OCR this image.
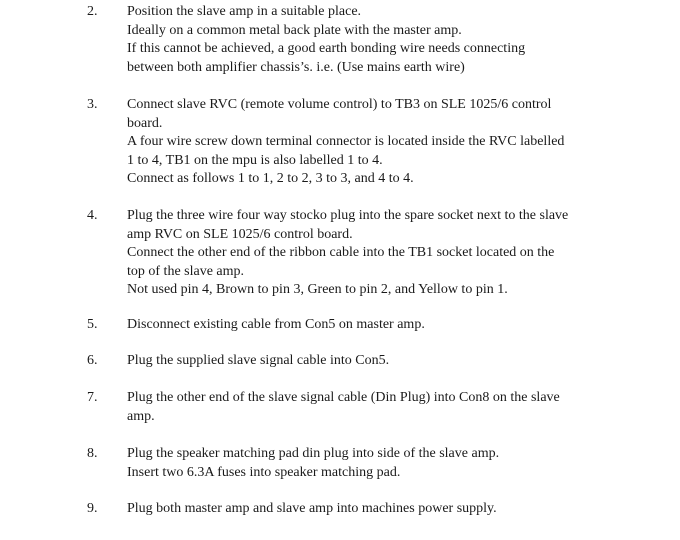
2.	Position the slave amp in a suitable place.
Ideally on a common metal back plate with the master amp.
If this cannot be achieved, a good earth bonding wire needs connecting
between both amplifier chassis’s. i.e. (Use mains earth wire)
3.	Connect slave RVC (remote volume control) to TB3 on SLE 1025/6 control
board.
A four wire screw down terminal connector is located inside the RVC labelled
1 to 4, TB1 on the mpu is also labelled 1 to 4.
Connect as follows 1 to 1, 2 to 2, 3 to 3, and 4 to 4.
4.	Plug the three wire four way stocko plug into the spare socket next to the slave
amp RVC on SLE 1025/6 control board.
Connect the other end of the ribbon cable into the TB1 socket located on the
top of the slave amp.
Not used pin 4, Brown to pin 3, Green to pin 2, and Yellow to pin 1.
5.	Disconnect existing cable from Con5 on master amp.
6.	Plug the supplied slave signal cable into Con5.
7.	Plug the other end of the slave signal cable (Din Plug) into Con8 on the slave
amp.
8.	Plug the speaker matching pad din plug into side of the slave amp.
Insert two 6.3A fuses into speaker matching pad.
9.	Plug both master amp and slave amp into machines power supply.
